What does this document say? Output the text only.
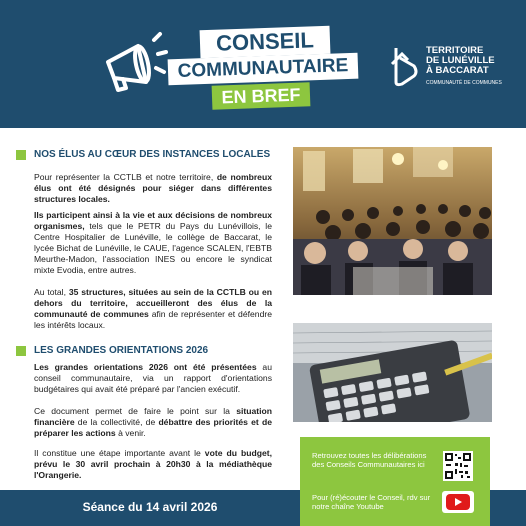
CONSEIL
COMMUNAUTAIRE
EN BREF
TERRITOIRE
DE LUNÉVILLE
À BACCARAT
COMMUNAUTÉ DE COMMUNES
NOS ÉLUS AU CŒUR DES INSTANCES LOCALES
Pour représenter la CCTLB et notre territoire, de nombreux élus ont été désignés pour siéger dans différentes structures locales.
Ils participent ainsi à la vie et aux décisions de nombreux organismes, tels que le PETR du Pays du Lunévillois, le Centre Hospitalier de Lunéville, le collège de Baccarat, le lycée Bichat de Lunéville, le CAUE, l'agence SCALEN, l'EBTB Meurthe-Madon, l'association INES ou encore le syndicat mixte Evodia, entre autres.
Au total, 35 structures, situées au sein de la CCTLB ou en dehors du territoire, accueilleront des élus de la communauté de communes afin de représenter et défendre les intérêts locaux.
LES GRANDES ORIENTATIONS 2026
Les grandes orientations 2026 ont été présentées au conseil communautaire, via un rapport d'orientations budgétaires qui avait été préparé par l'ancien exécutif.
Ce document permet de faire le point sur la situation financière de la collectivité, de débattre des priorités et de préparer les actions à venir.
Il constitue une étape importante avant le vote du budget, prévu le 30 avril prochain à 20h30 à la médiathèque l'Orangerie.
Retrouvez toutes les délibérations des Conseils Communautaires ici
Pour (ré)écouter le Conseil, rdv sur notre chaîne Youtube
Séance du 14 avril 2026
